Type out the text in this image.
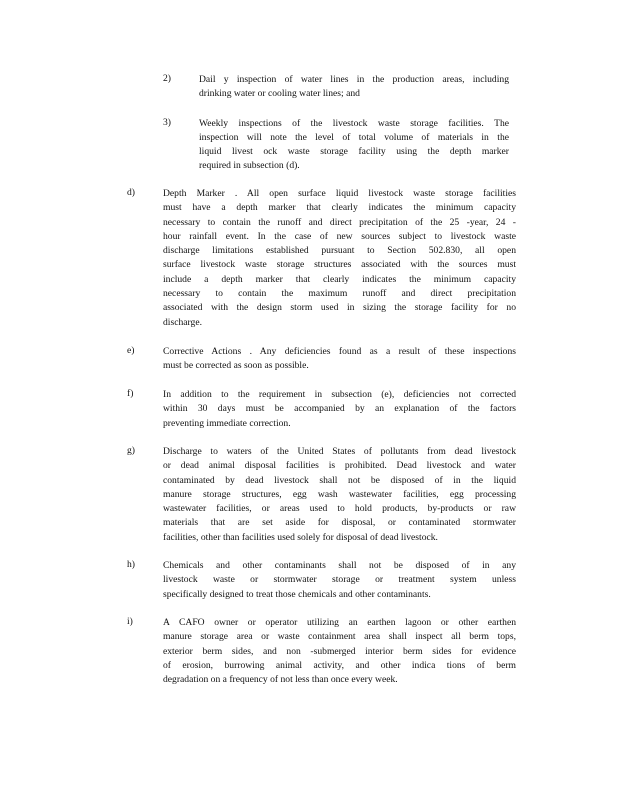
2)	Dail y inspection of water lines in the production areas, including
drinking water or cooling water lines; and
3)	Weekly inspections of the livestock waste storage facilities. The
inspection will note the level of total volume of materials in the
liquid livest ock waste storage facility using the depth marker
required in subsection (d).
d)	Depth Marker . All open surface liquid livestock waste storage facilities
must have a depth marker that clearly indicates the minimum capacity
necessary to contain the runoff and direct precipitation of the 25 -year, 24 -
hour rainfall event. In the case of new sources subject to livestock waste
discharge limitations established pursuant to Section 502.830, all open
surface livestock waste storage structures associated with the sources must
include a depth marker that clearly indicates the minimum capacity
necessary to contain the maximum runoff and direct precipitation
associated with the design storm used in sizing the storage facility for no
discharge.
e)	Corrective Actions . Any deficiencies found as a result of these inspections
must be corrected as soon as possible.
f)	In addition to the requirement in subsection (e), deficiencies not corrected
within 30 days must be accompanied by an explanation of the factors
preventing immediate correction.
g)	Discharge to waters of the United States of pollutants from dead livestock
or dead animal disposal facilities is prohibited. Dead livestock and water
contaminated by dead livestock shall not be disposed of in the liquid
manure storage structures, egg wash wastewater facilities, egg processing
wastewater facilities, or areas used to hold products, by-products or raw
materials that are set aside for disposal, or contaminated stormwater
facilities, other than facilities used solely for disposal of dead livestock.
h)	Chemicals and other contaminants shall not be disposed of in any
livestock waste or stormwater storage or treatment system unless
specifically designed to treat those chemicals and other contaminants.
i)	A CAFO owner or operator utilizing an earthen lagoon or other earthen
manure storage area or waste containment area shall inspect all berm tops,
exterior berm sides, and non -submerged interior berm sides for evidence
of erosion, burrowing animal activity, and other indica tions of berm
degradation on a frequency of not less than once every week.
